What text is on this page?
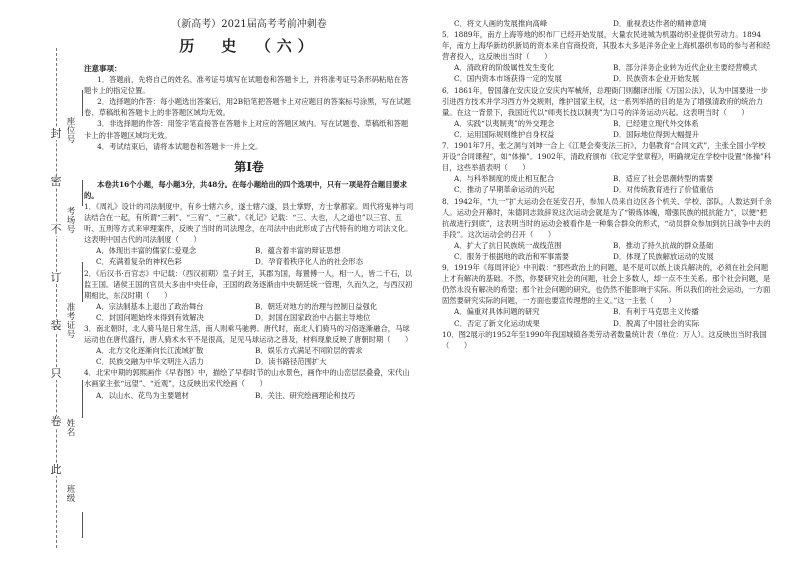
封
密
不
订
装
只
卷
此
座位号
考场号
准考证号
姓名
班级
（新高考）2021届高考考前冲刺卷
历　史　（六）
注意事项：
1．答题前，先将自己的姓名、准考证号填写在试题卷和答题卡上，并将准考证号条形码粘贴在答题卡上的指定位置。
2．选择题的作答：每小题选出答案后，用2B铅笔把答题卡上对应题目的答案标号涂黑，写在试题卷、草稿纸和答题卡上的非答题区域均无效。
3．非选择题的作答：用签字笔直接答在答题卡上对应的答题区域内。写在试题卷、草稿纸和答题卡上的非答题区域均无效。
4．考试结束后，请将本试题卷和答题卡一并上交。
第Ⅰ卷
本卷共16个小题，每小题3分，共48分。在每小题给出的四个选项中，只有一项是符合题目要求的。
1．《周礼》设计的司法制度中，有乡士辖六乡，遂士辖六遂，县士掌野，方士掌都家。周代将鬼神与司法结合在一起，有所谓“三刺”、“三宥”、“三赦”。《礼记》记载：“三、大也，人之道也”以三官、五听、五刑等方式来审理案件，反映了当时的司法理念，在司法中由此形成了古代特有的地方司法文化。这表明中国古代的司法制度（　　）
A．体现出丰富的儒家仁爱观念	B．蕴含着丰富的辩证思想
C．充满着复杂的神权色彩	D．孕育着秩序化人治的社会形态
2．《后汉书·百官志》中记载：（西汉初期）皇子封王，其郡为国，每置傅一人，相一人，皆二千石，以监王国。诸侯王国的官员大多由中央任命，王国的政务逐渐由中央朝廷统一管理，久而久之，与西汉初期相比，东汉时期（　　）
A．宗法制基本上退出了政治舞台	B．朝廷对地方的治理与控制日益强化
C．封国问题始终未得到有效解决	D．封国在国家政治中占据主导地位
3．南北朝时，北人骑马是日常生活，南人则乘马驰骋。唐代时，南北人们骑马的习俗逐渐融合，马球运动也在唐代盛行，唐人骑术水平不是很高，足见马球运动之普及，材料现象反映了唐朝时期（　　）
A．北方文化逐渐向长江流域扩散	B．娱乐方式满足不同阶层的需求
C．民族交融为中华文明注入活力	D．读书路径范围扩大
4．北宋中期的郭熙画作《早春图》中，描绘了早春时节的山水景色，画作中的山峦层层叠叠，宋代山水画家主张“远望”、“近观”，这反映出宋代绘画（　　）
A．以山水、花鸟为主要题材	B．关注、研究绘画理论和技巧
C．将文人画的发展推向高峰	D．重视表达作者的精神意境
5．1889年，南方上海等地的织布厂已经开始发展，大量农民进城为机器纺织业提供劳动力。1894年，南方上海华新纺织新局的资本来自官商投资，其股本大多是洋务企业上海机器织布局的参与者和经营者投入，这反映出当时（　　）
A．清政府的阶级属性发生变化	B．部分洋务企业转为近代企业主要经营模式
C．国内资本市场获得一定的发展	D．民族资本企业开始发展
6．1861年，曾国藩在安庆设立安庆内军械所，总理衙门则翻译出版《万国公法》，认为中国要进一步引进西方技术并学习西方外交规则，维护国家主权，这一系列举措的目的是为了增强清政府的统治力量。在这一背景下，我国近代以“师夷长技以制夷”为口号的洋务运动兴起。这表明当时（　　）
A．实践“以夷制夷”的外交理念	B．已经建立现代外交体系
C．运用国际规则维护自身权益	D．国际地位得到大幅提升
7．1901年7月，张之洞与刘坤一合上《江楚会奏变法三折》，力倡教育“合同文武”，主张全国小学校开设“合同课程”，如“体操”。1902年，清政府颁布《钦定学堂章程》，明确规定在学校中设置“体操”科目，这些举措表明（　　）
A．与科举制度的废止相互配合	B．适应了社会思潮转型的需要
C．推动了早期革命运动的兴起	D．对传统教育进行了价值重估
8．1942年，“九一”扩大运动会在延安召开，参加人员来自边区各个机关、学校、部队，人数达到千余人。运动会开幕时，朱德同志致辞说这次运动会就是为了“锻炼体魄，增强民族的抵抗能力”，以便“把抗战进行到底”，这表明当时的运动会被看作是一种集合群众的形式，“动员群众参加到抗日战争中去的手段”。这次运动会的召开（　　）
A．扩大了抗日民族统一战线范围	B．推动了持久抗战的群众基础
C．服务于根据地的政治和军事需要	D．体现了民族解放运动的发展
9．1919年《每周评论》中刊载：“那些政治上的问题，是不是可以纸上谈兵解决的，必须在社会问题上才有解决的基础。不然，你要研究社会的问题，社会上多数人，却一点不生关系。那个社会问题，是仍然永没有解决的希望；那个社会问题的研究，也仍然不能影响于实际。所以我们的社会运动，一方面固然要研究实际的问题，一方面也要宣传理想的主义。”这一主张（　　）
A．偏重对具体问题的研究	B．有利于马克思主义传播
C．否定了新文化运动成果	D．脱离了中国社会的实际
10．图2展示的1952年至1990年我国城镇各类劳动者数量统计表（单位：万人）。这反映出当时我国（　　）
